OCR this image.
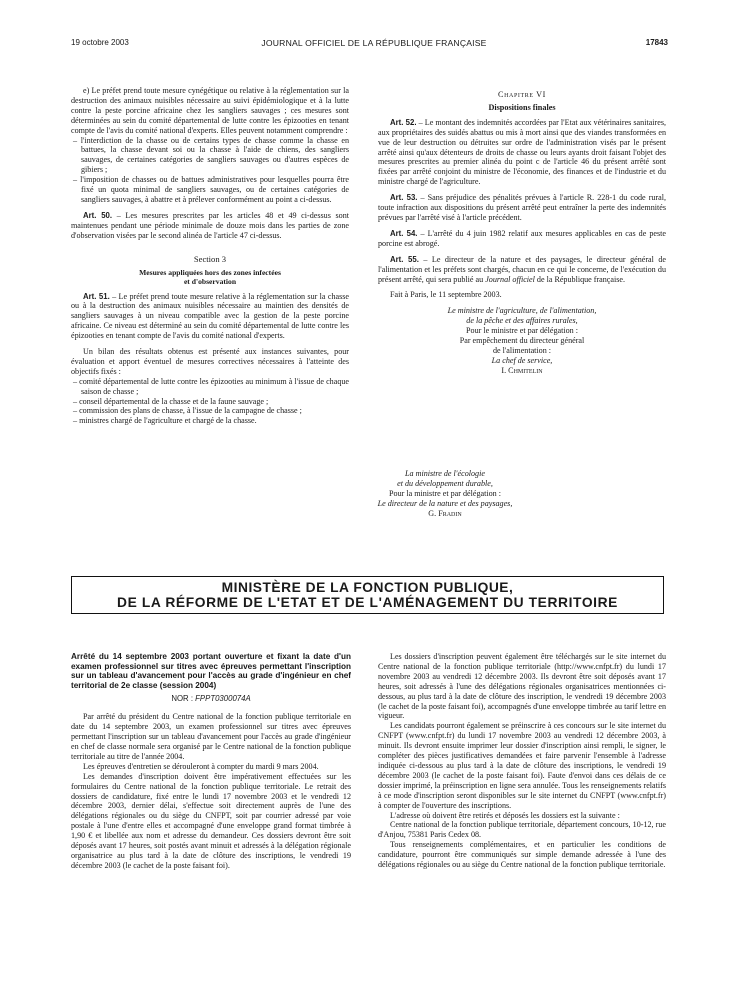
19 octobre 2003	JOURNAL OFFICIEL DE LA RÉPUBLIQUE FRANÇAISE	17843

e) Le préfet prend toute mesure cynégétique ou relative à la réglementation sur la destruction des animaux nuisibles nécessaire au suivi épidémiologique et à la lutte contre la peste porcine africaine chez les sangliers sauvages ; ces mesures sont déterminées au sein du comité départemental de lutte contre les épizooties en tenant compte de l'avis du comité national d'experts. Elles peuvent notamment comprendre :

– l'interdiction de la chasse ou de certains types de chasse comme la chasse en battues, la chasse devant soi ou la chasse à l'aide de chiens, des sangliers sauvages, de certaines catégories de sangliers sauvages ou d'autres espèces de gibiers ;
– l'imposition de chasses ou de battues administratives pour lesquelles pourra être fixé un quota minimal de sangliers sauvages, ou de certaines catégories de sangliers sauvages, à abattre et à prélever conformément au point a ci-dessus.

Art. 50. – Les mesures prescrites par les articles 48 et 49 ci-dessus sont maintenues pendant une période minimale de douze mois dans les parties de zone d'observation visées par le second alinéa de l'article 47 ci-dessus.

Section 3
Mesures appliquées hors des zones infectées
et d'observation

Art. 51. – Le préfet prend toute mesure relative à la réglementation sur la chasse ou à la destruction des animaux nuisibles nécessaire au maintien des densités de sangliers sauvages à un niveau compatible avec la gestion de la peste porcine africaine. Ce niveau est déterminé au sein du comité départemental de lutte contre les épizooties en tenant compte de l'avis du comité national d'experts.

Un bilan des résultats obtenus est présenté aux instances suivantes, pour évaluation et apport éventuel de mesures correctives nécessaires à l'atteinte des objectifs fixés :

– comité départemental de lutte contre les épizooties au minimum à l'issue de chaque saison de chasse ;
– conseil départemental de la chasse et de la faune sauvage ;
– commission des plans de chasse, à l'issue de la campagne de chasse ;
– ministres chargé de l'agriculture et chargé de la chasse.
Chapitre VI
Dispositions finales

Art. 52. – Le montant des indemnités accordées par l'Etat aux vétérinaires sanitaires, aux propriétaires des suidés abattus ou mis à mort ainsi que des viandes transformées en vue de leur destruction ou détruites sur ordre de l'administration visés par le présent arrêté ainsi qu'aux détenteurs de droits de chasse ou leurs ayants droit faisant l'objet des mesures prescrites au premier alinéa du point c de l'article 46 du présent arrêté sont fixées par arrêté conjoint du ministre de l'économie, des finances et de l'industrie et du ministre chargé de l'agriculture.

Art. 53. – Sans préjudice des pénalités prévues à l'article R. 228-1 du code rural, toute infraction aux dispositions du présent arrêté peut entraîner la perte des indemnités prévues par l'arrêté visé à l'article précédent.

Art. 54. – L'arrêté du 4 juin 1982 relatif aux mesures applicables en cas de peste porcine est abrogé.

Art. 55. – Le directeur de la nature et des paysages, le directeur général de l'alimentation et les préfets sont chargés, chacun en ce qui le concerne, de l'exécution du présent arrêté, qui sera publié au Journal officiel de la République française.

Fait à Paris, le 11 septembre 2003.

Le ministre de l'agriculture, de l'alimentation,
de la pêche et des affaires rurales,
Pour le ministre et par délégation :
Par empêchement du directeur général
de l'alimentation :
La chef de service,
I. Chmitelin
La ministre de l'écologie
et du développement durable,
Pour la ministre et par délégation :
Le directeur de la nature et des paysages,
G. Fradin
MINISTÈRE DE LA FONCTION PUBLIQUE,
DE LA RÉFORME DE L'ETAT ET DE L'AMÉNAGEMENT DU TERRITOIRE
Arrêté du 14 septembre 2003 portant ouverture et fixant la date d'un examen professionnel sur titres avec épreuves permettant l'inscription sur un tableau d'avancement pour l'accès au grade d'ingénieur en chef territorial de 2e classe (session 2004)
NOR : FPPT0300074A

Par arrêté du président du Centre national de la fonction publique territoriale en date du 14 septembre 2003, un examen professionnel sur titres avec épreuves permettant l'inscription sur un tableau d'avancement pour l'accès au grade d'ingénieur en chef de classe normale sera organisé par le Centre national de la fonction publique territoriale au titre de l'année 2004.

Les épreuves d'entretien se dérouleront à compter du mardi 9 mars 2004.

Les demandes d'inscription doivent être impérativement effectuées sur les formulaires du Centre national de la fonction publique territoriale. Le retrait des dossiers de candidature, fixé entre le lundi 17 novembre 2003 et le vendredi 12 décembre 2003, dernier délai, s'effectue soit directement auprès de l'une des délégations régionales ou du siège du CNFPT, soit par courrier adressé par voie postale à l'une d'entre elles et accompagné d'une enveloppe grand format timbrée à 1,90 € et libellée aux nom et adresse du demandeur. Ces dossiers devront être soit déposés avant 17 heures, soit postés avant minuit et adressés à la délégation régionale organisatrice au plus tard à la date de clôture des inscriptions, le vendredi 19 décembre 2003 (le cachet de la poste faisant foi).

Les dossiers d'inscription peuvent également être téléchargés sur le site internet du Centre national de la fonction publique territoriale (http://www.cnfpt.fr) du lundi 17 novembre 2003 au vendredi 12 décembre 2003. Ils devront être soit déposés avant 17 heures, soit adressés à l'une des délégations régionales organisatrices mentionnées ci-dessous, au plus tard à la date de clôture des inscription, le vendredi 19 décembre 2003 (le cachet de la poste faisant foi), accompagnés d'une enveloppe timbrée au tarif lettre en vigueur.

Les candidats pourront également se préinscrire à ces concours sur le site internet du CNFPT (www.cnfpt.fr) du lundi 17 novembre 2003 au vendredi 12 décembre 2003, à minuit. Ils devront ensuite imprimer leur dossier d'inscription ainsi rempli, le signer, le compléter des pièces justificatives demandées et faire parvenir l'ensemble à l'adresse indiquée ci-dessous au plus tard à la date de clôture des inscriptions, le vendredi 19 décembre 2003 (le cachet de la poste faisant foi). Faute d'envoi dans ces délais de ce dossier imprimé, la préinscription en ligne sera annulée. Tous les renseignements relatifs à ce mode d'inscription seront disponibles sur le site internet du CNFPT (www.cnfpt.fr) à compter de l'ouverture des inscriptions.

L'adresse où doivent être retirés et déposés les dossiers est la suivante :

Centre national de la fonction publique territoriale, département concours, 10-12, rue d'Anjou, 75381 Paris Cedex 08.

Tous renseignements complémentaires, et en particulier les conditions de candidature, pourront être communiqués sur simple demande adressée à l'une des délégations régionales ou au siège du Centre national de la fonction publique territoriale.
